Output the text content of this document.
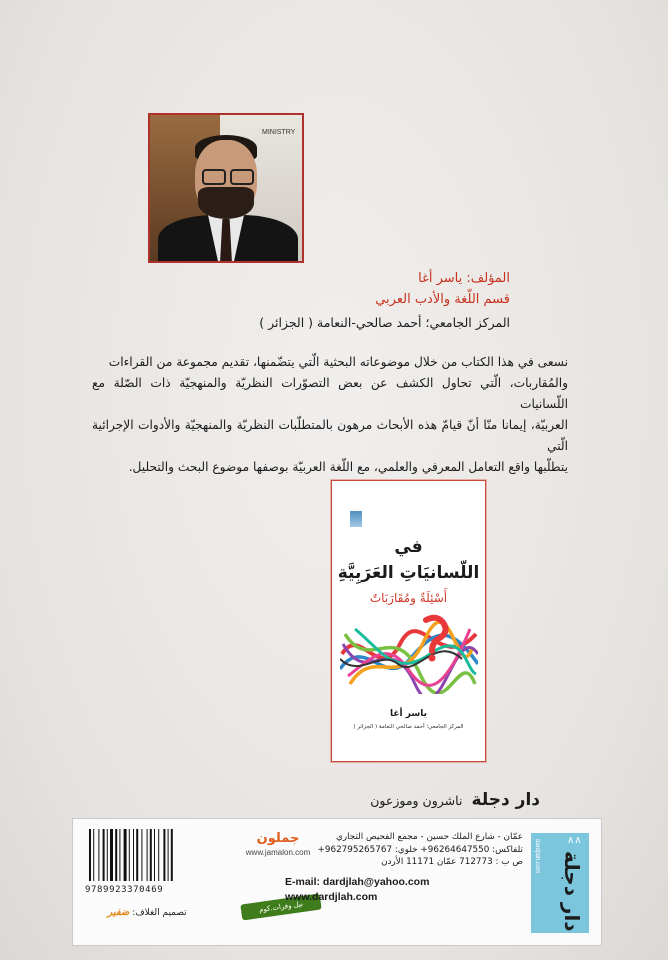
MINISTRY
المؤلف: ياسر أغا
قسم اللّغة والأدب العربي
المركز الجامعي؛ أحمد صالحي-النعامة ( الجزائر )

نسعى في هذا الكتاب من خلال موضوعاته البحثية الّتي يتضّمنها، تقديم مجموعة من القراءات

والمُقاربات، الّتي تحاول الكشف عن بعض التصوّرات النظريّة والمنهجيّة ذات الصّلة مع اللّسانيات

العربيّة، إيمانا منّا أنّ قيامّ هذه الأبحاث مرهون بالمتطلّبات النظريّة والمنهجيّة والأدوات الإجرائية الّتي

يتطلّبها واقع التعامل المعرفي والعلمي، مع اللّغة العربيّة بوصفها موضوع البحث والتحليل.

في
اللّسانيَاتِ العَرَبِيَّةِ
أَسْئِلَةٌ ومُقَارَبَاتٌ
ياسر أغا
المركز الجامعي؛ أحمد صالحي النعامة ( الجزائر )
دار دجلة ناشرون وموزعون
9789923370469
تصميم الغلاف: ضفير
جملون
www.jamalon.com
نيل وفرات.كوم
عمّان - شارع الملك حسين - مجمع الفحيص التجاري
تلفاكس: 96264647550+ خلوي: 962795265767+
ص ب : 712773 عمّان 11171 الأردن
E-mail: dardjlah@yahoo.com
www.dardjlah.com
∧∧
dardjlah.com دار دجلة
